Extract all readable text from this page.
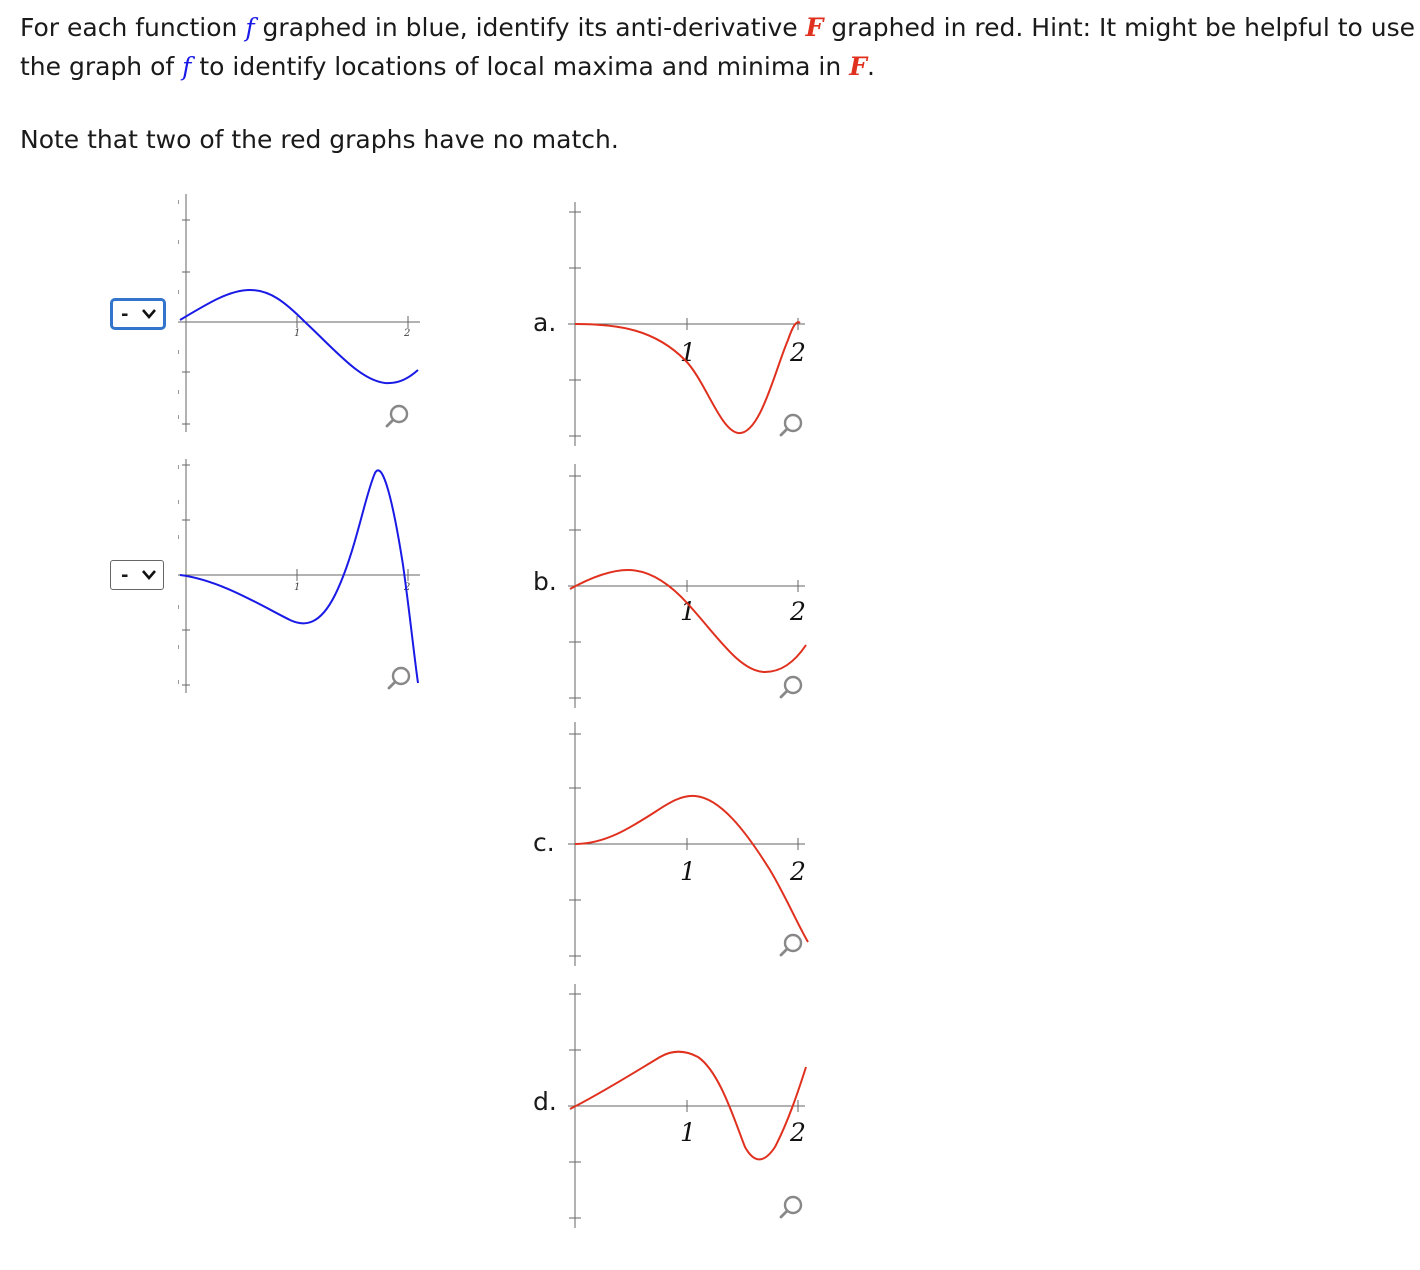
For each function f graphed in blue, identify its anti-derivative F graphed in red. Hint: It might be helpful to use the graph of f to identify locations of local maxima and minima in F.
Note that two of the red graphs have no match.
-
-
1	2
1	2
a.
b.
c.
d.
1	2
1	2
1	2
1	2
